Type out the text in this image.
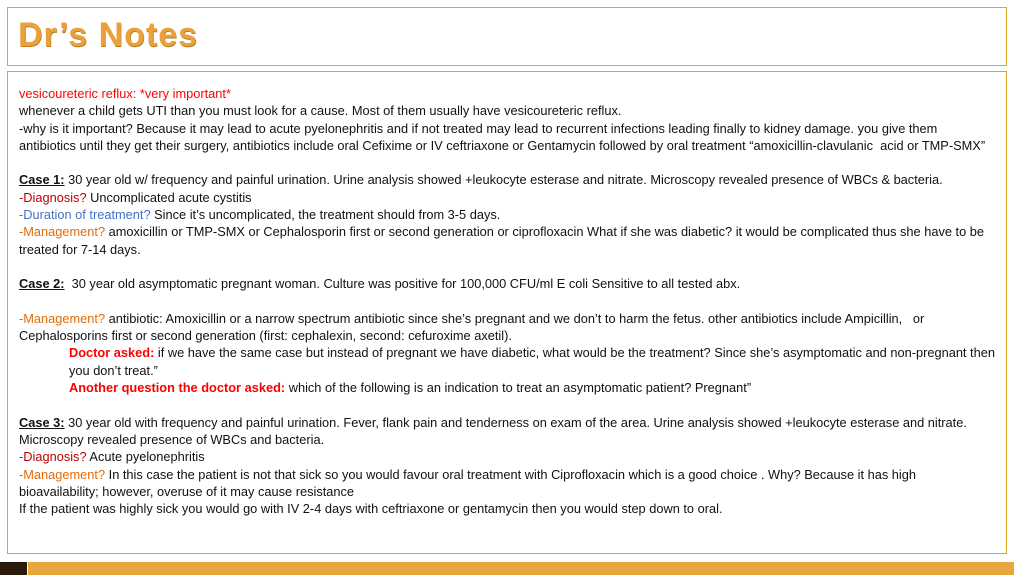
Dr’s Notes

vesicoureteric reflux: *very important*

whenever a child gets UTI than you must look for a cause. Most of them usually have vesicoureteric reflux.

-why is it important? Because it may lead to acute pyelonephritis and if not treated may lead to recurrent infections leading finally to kidney damage. you give them antibiotics until they get their surgery, antibiotics include oral Cefixime or IV ceftriaxone or Gentamycin followed by oral treatment “amoxicillin-clavulanic  acid or TMP-SMX”

Case 1: 30 year old w/ frequency and painful urination. Urine analysis showed +leukocyte esterase and nitrate. Microscopy revealed presence of WBCs & bacteria.

-Diagnosis? Uncomplicated acute cystitis

-Duration of treatment? Since it’s uncomplicated, the treatment should from 3-5 days.

-Management? amoxicillin or TMP-SMX or Cephalosporin first or second generation or ciprofloxacin What if she was diabetic? it would be complicated thus she have to be treated for 7-14 days.

Case 2:  30 year old asymptomatic pregnant woman. Culture was positive for 100,000 CFU/ml E coli Sensitive to all tested abx.

-Management? antibiotic: Amoxicillin or a narrow spectrum antibiotic since she’s pregnant and we don’t to harm the fetus. other antibiotics include Ampicillin,   or Cephalosporins first or second generation (first: cephalexin, second: cefuroxime axetil).

Doctor asked: if we have the same case but instead of pregnant we have diabetic, what would be the treatment? Since she’s asymptomatic and non-pregnant then you don’t treat.”

Another question the doctor asked: which of the following is an indication to treat an asymptomatic patient? Pregnant”

Case 3: 30 year old with frequency and painful urination. Fever, flank pain and tenderness on exam of the area. Urine analysis showed +leukocyte esterase and nitrate. Microscopy revealed presence of WBCs and bacteria.

-Diagnosis? Acute pyelonephritis

-Management? In this case the patient is not that sick so you would favour oral treatment with Ciprofloxacin which is a good choice . Why? Because it has high bioavailability; however, overuse of it may cause resistance

If the patient was highly sick you would go with IV 2-4 days with ceftriaxone or gentamycin then you would step down to oral.
